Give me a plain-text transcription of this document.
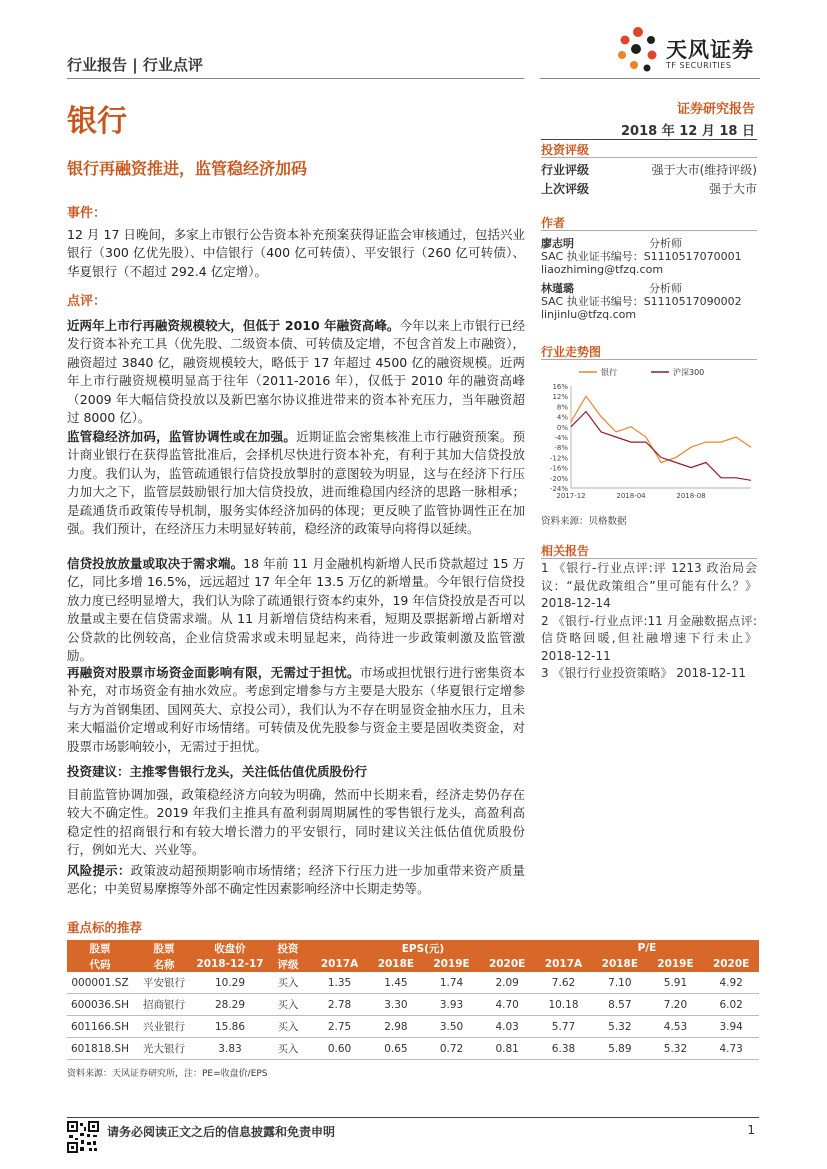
天风证券
TF SECURITIES
行业报告 | 行业点评
银行	证券研究报告
2018 年 12 月 18 日
银行再融资推进，监管稳经济加码
投资评级
行业评级	强于大市(维持评级)
上次评级	强于大市
作者
廖志明	分析师
SAC 执业证书编号：S1110517070001
liaozhiming@tfzq.com
林瑾璐	分析师
SAC 执业证书编号：S1110517090002
linjinlu@tfzq.com
行业走势图
16%
12%
8%
4%
0%
-4%
-8%
-12%
-16%
-20%
-24%
2017-12	2018-04	2018-08
银行	沪深300
资料来源：贝格数据
相关报告
1 《银行-行业点评:评 1213 政治局会议：“最优政策组合”里可能有什么？》 2018-12-14
2 《银行-行业点评:11 月金融数据点评:信贷略回暖,但社融增速下行未止》 2018-12-11
3 《银行行业投资策略》 2018-12-11
事件：
12 月 17 日晚间，多家上市银行公告资本补充预案获得证监会审核通过，包括兴业银行（300 亿优先股）、中信银行（400 亿可转债）、平安银行（260 亿可转债）、华夏银行（不超过 292.4 亿定增）。
点评：
近两年上市行再融资规模较大，但低于 2010 年融资高峰。今年以来上市银行已经发行资本补充工具（优先股、二级资本债、可转债及定增，不包含首发上市融资），融资超过 3840 亿，融资规模较大，略低于 17 年超过 4500 亿的融资规模。近两年上市行融资规模明显高于往年（2011-2016 年），仅低于 2010 年的融资高峰（2009 年大幅信贷投放以及新巴塞尔协议推进带来的资本补充压力，当年融资超过 8000 亿）。
监管稳经济加码，监管协调性或在加强。近期证监会密集核准上市行融资预案。预计商业银行在获得监管批准后，会择机尽快进行资本补充，有利于其加大信贷投放力度。我们认为，监管疏通银行信贷投放掣肘的意图较为明显，这与在经济下行压力加大之下，监管层鼓励银行加大信贷投放，进而维稳国内经济的思路一脉相承；是疏通货币政策传导机制，服务实体经济加码的体现；更反映了监管协调性正在加强。我们预计，在经济压力未明显好转前，稳经济的政策导向将得以延续。
信贷投放放量或取决于需求端。18 年前 11 月金融机构新增人民币贷款超过 15 万亿，同比多增 16.5%，远远超过 17 年全年 13.5 万亿的新增量。今年银行信贷投放力度已经明显增大，我们认为除了疏通银行资本约束外，19 年信贷投放是否可以放量或主要在信贷需求端。从 11 月新增信贷结构来看，短期及票据新增占新增对公贷款的比例较高，企业信贷需求或未明显起来，尚待进一步政策刺激及监管激励。
再融资对股票市场资金面影响有限，无需过于担忧。市场或担忧银行进行密集资本补充，对市场资金有抽水效应。考虑到定增参与方主要是大股东（华夏银行定增参与方为首钢集团、国网英大、京投公司），我们认为不存在明显资金抽水压力，且未来大幅溢价定增或利好市场情绪。可转债及优先股参与资金主要是固收类资金，对股票市场影响较小，无需过于担忧。
投资建议：主推零售银行龙头，关注低估值优质股份行
目前监管协调加强，政策稳经济方向较为明确，然而中长期来看，经济走势仍存在较大不确定性。2019 年我们主推具有盈利弱周期属性的零售银行龙头，高盈利高稳定性的招商银行和有较大增长潜力的平安银行，同时建议关注低估值优质股份行，例如光大、兴业等。
风险提示：政策波动超预期影响市场情绪；经济下行压力进一步加重带来资产质量恶化；中美贸易摩擦等外部不确定性因素影响经济中长期走势等。
重点标的推荐
股票	股票	收盘价	投资	EPS(元)				P/E			
代码	名称	2018-12-17	评级	2017A	2018E	2019E	2020E	2017A	2018E	2019E	2020E
000001.SZ	平安银行	10.29	买入	1.35	1.45	1.74	2.09	7.62	7.10	5.91	4.92
600036.SH	招商银行	28.29	买入	2.78	3.30	3.93	4.70	10.18	8.57	7.20	6.02
601166.SH	兴业银行	15.86	买入	2.75	2.98	3.50	4.03	5.77	5.32	4.53	3.94
601818.SH	光大银行	3.83	买入	0.60	0.65	0.72	0.81	6.38	5.89	5.32	4.73
资料来源：天风证券研究所，注：PE=收盘价/EPS
请务必阅读正文之后的信息披露和免责申明	1
